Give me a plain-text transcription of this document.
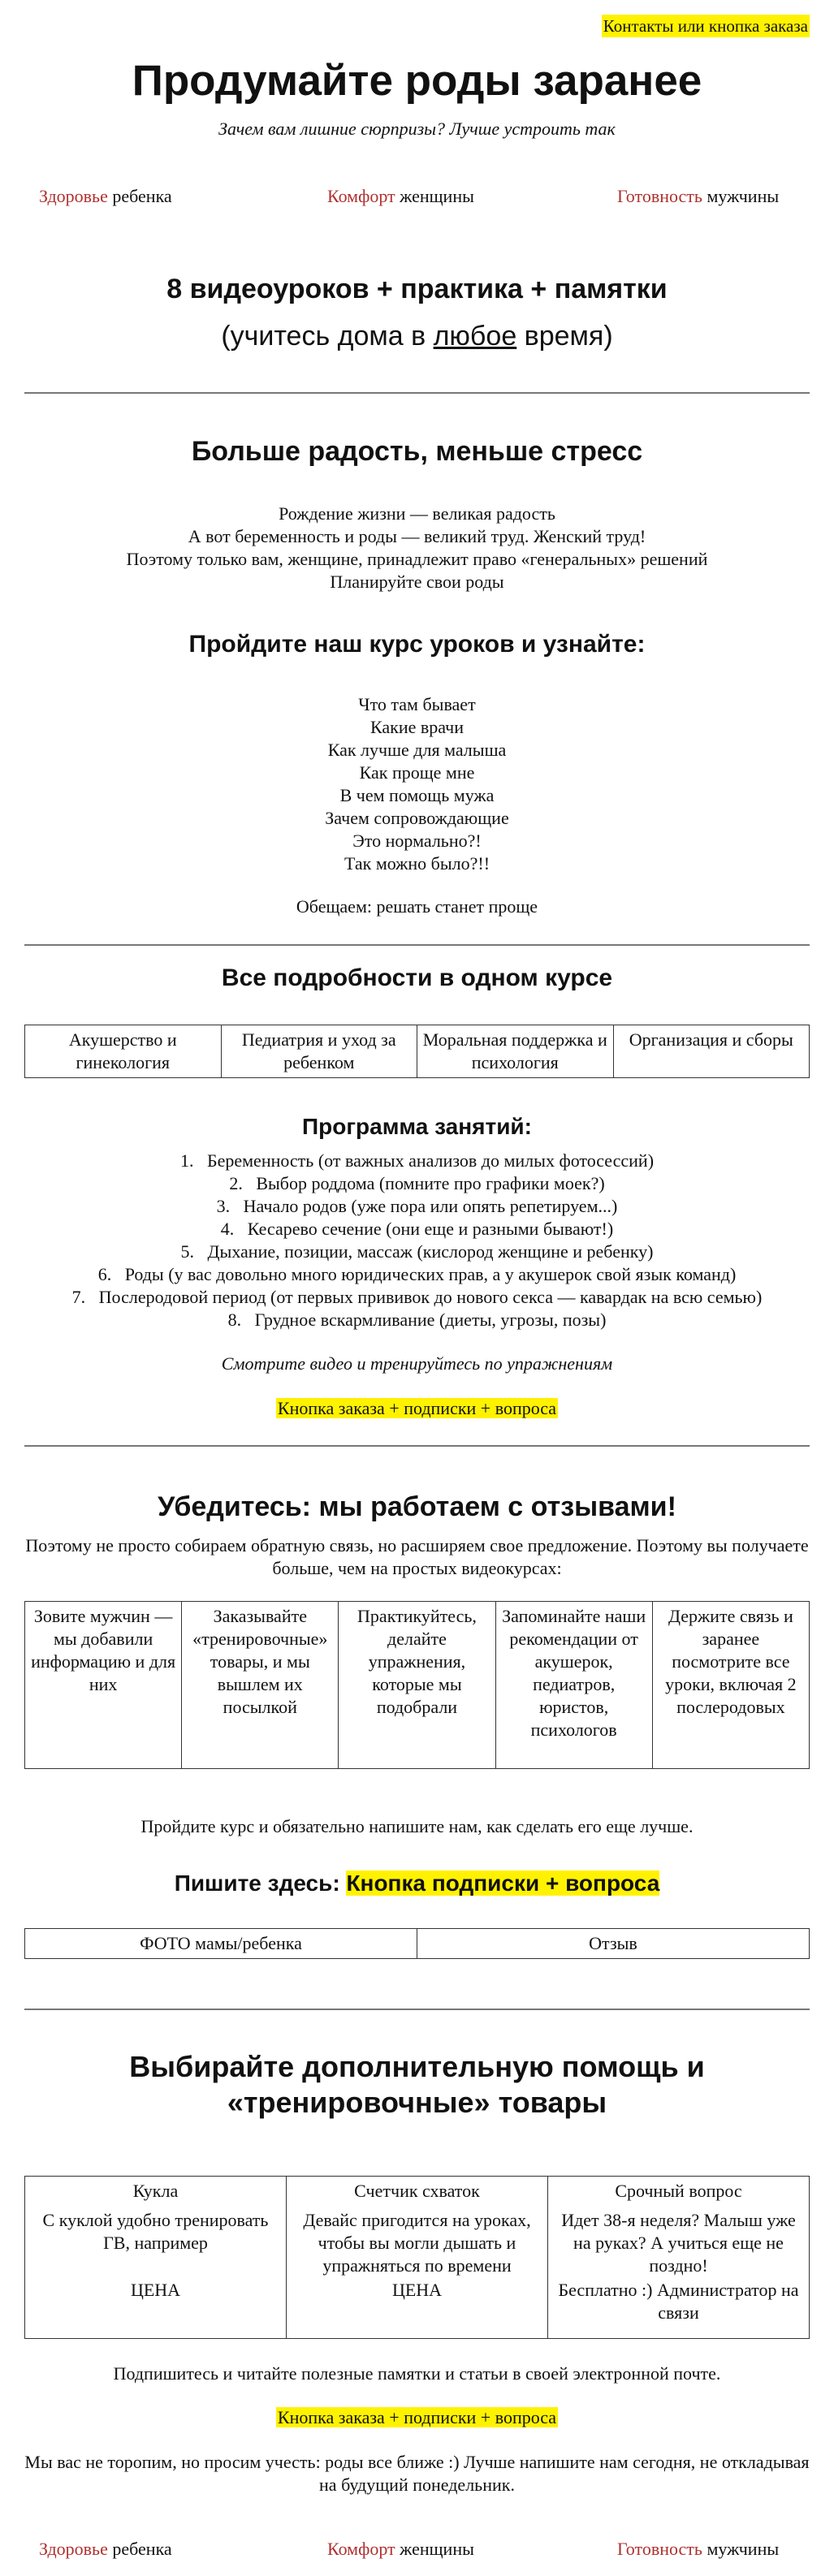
Контакты или кнопка заказа
Продумайте роды заранее
Зачем вам лишние сюрпризы? Лучше устроить так
Здоровье ребенка	Комфорт женщины	Готовность мужчины
8 видеоуроков + практика + памятки
(учитесь дома в любое время)
Больше радость, меньше стресс
Рождение жизни — великая радость
А вот беременность и роды — великий труд. Женский труд!
Поэтому только вам, женщине, принадлежит право «генеральных» решений
Планируйте свои роды
Пройдите наш курс уроков и узнайте:
Что там бывает
Какие врачи
Как лучше для малыша
Как проще мне
В чем помощь мужа
Зачем сопровождающие
Это нормально?!
Так можно было?!!
Обещаем: решать станет проще
Все подробности в одном курсе
Акушерство и гинекология	Педиатрия и уход за ребенком	Моральная поддержка и психология	Организация и сборы
Программа занятий:
1. Беременность (от важных анализов до милых фотосессий)
2. Выбор роддома (помните про графики моек?)
3. Начало родов (уже пора или опять репетируем...)
4. Кесарево сечение (они еще и разными бывают!)
5. Дыхание, позиции, массаж (кислород женщине и ребенку)
6. Роды (у вас довольно много юридических прав, а у акушерок свой язык команд)
7. Послеродовой период (от первых прививок до нового секса — кавардак на всю семью)
8. Грудное вскармливание (диеты, угрозы, позы)
Смотрите видео и тренируйтесь по упражнениям
Кнопка заказа + подписки + вопроса
Убедитесь: мы работаем с отзывами!
Поэтому не просто собираем обратную связь, но расширяем свое предложение. Поэтому вы получаете больше, чем на простых видеокурсах:
Зовите мужчин — мы добавили информацию и для них	Заказывайте «тренировочные» товары, и мы вышлем их посылкой	Практикуйтесь, делайте упражнения, которые мы подобрали	Запоминайте наши рекомендации от акушерок, педиатров, юристов, психологов	Держите связь и заранее посмотрите все уроки, включая 2 послеродовых
Пройдите курс и обязательно напишите нам, как сделать его еще лучше.
Пишите здесь: Кнопка подписки + вопроса
ФОТО мамы/ребенка	Отзыв
Выбирайте дополнительную помощь и
«тренировочные» товары
Кукла
С куклой удобно тренировать ГВ, например
ЦЕНА

Счетчик схваток
Девайс пригодится на уроках, чтобы вы могли дышать и упражняться по времени
ЦЕНА

Срочный вопрос
Идет 38-я неделя? Малыш уже на руках? А учиться еще не поздно!
Бесплатно :) Администратор на связи
Подпишитесь и читайте полезные памятки и статьи в своей электронной почте.
Кнопка заказа + подписки + вопроса
Мы вас не торопим, но просим учесть: роды все ближе :) Лучше напишите нам сегодня, не откладывая на будущий понедельник.
Здоровье ребенка	Комфорт женщины	Готовность мужчины
